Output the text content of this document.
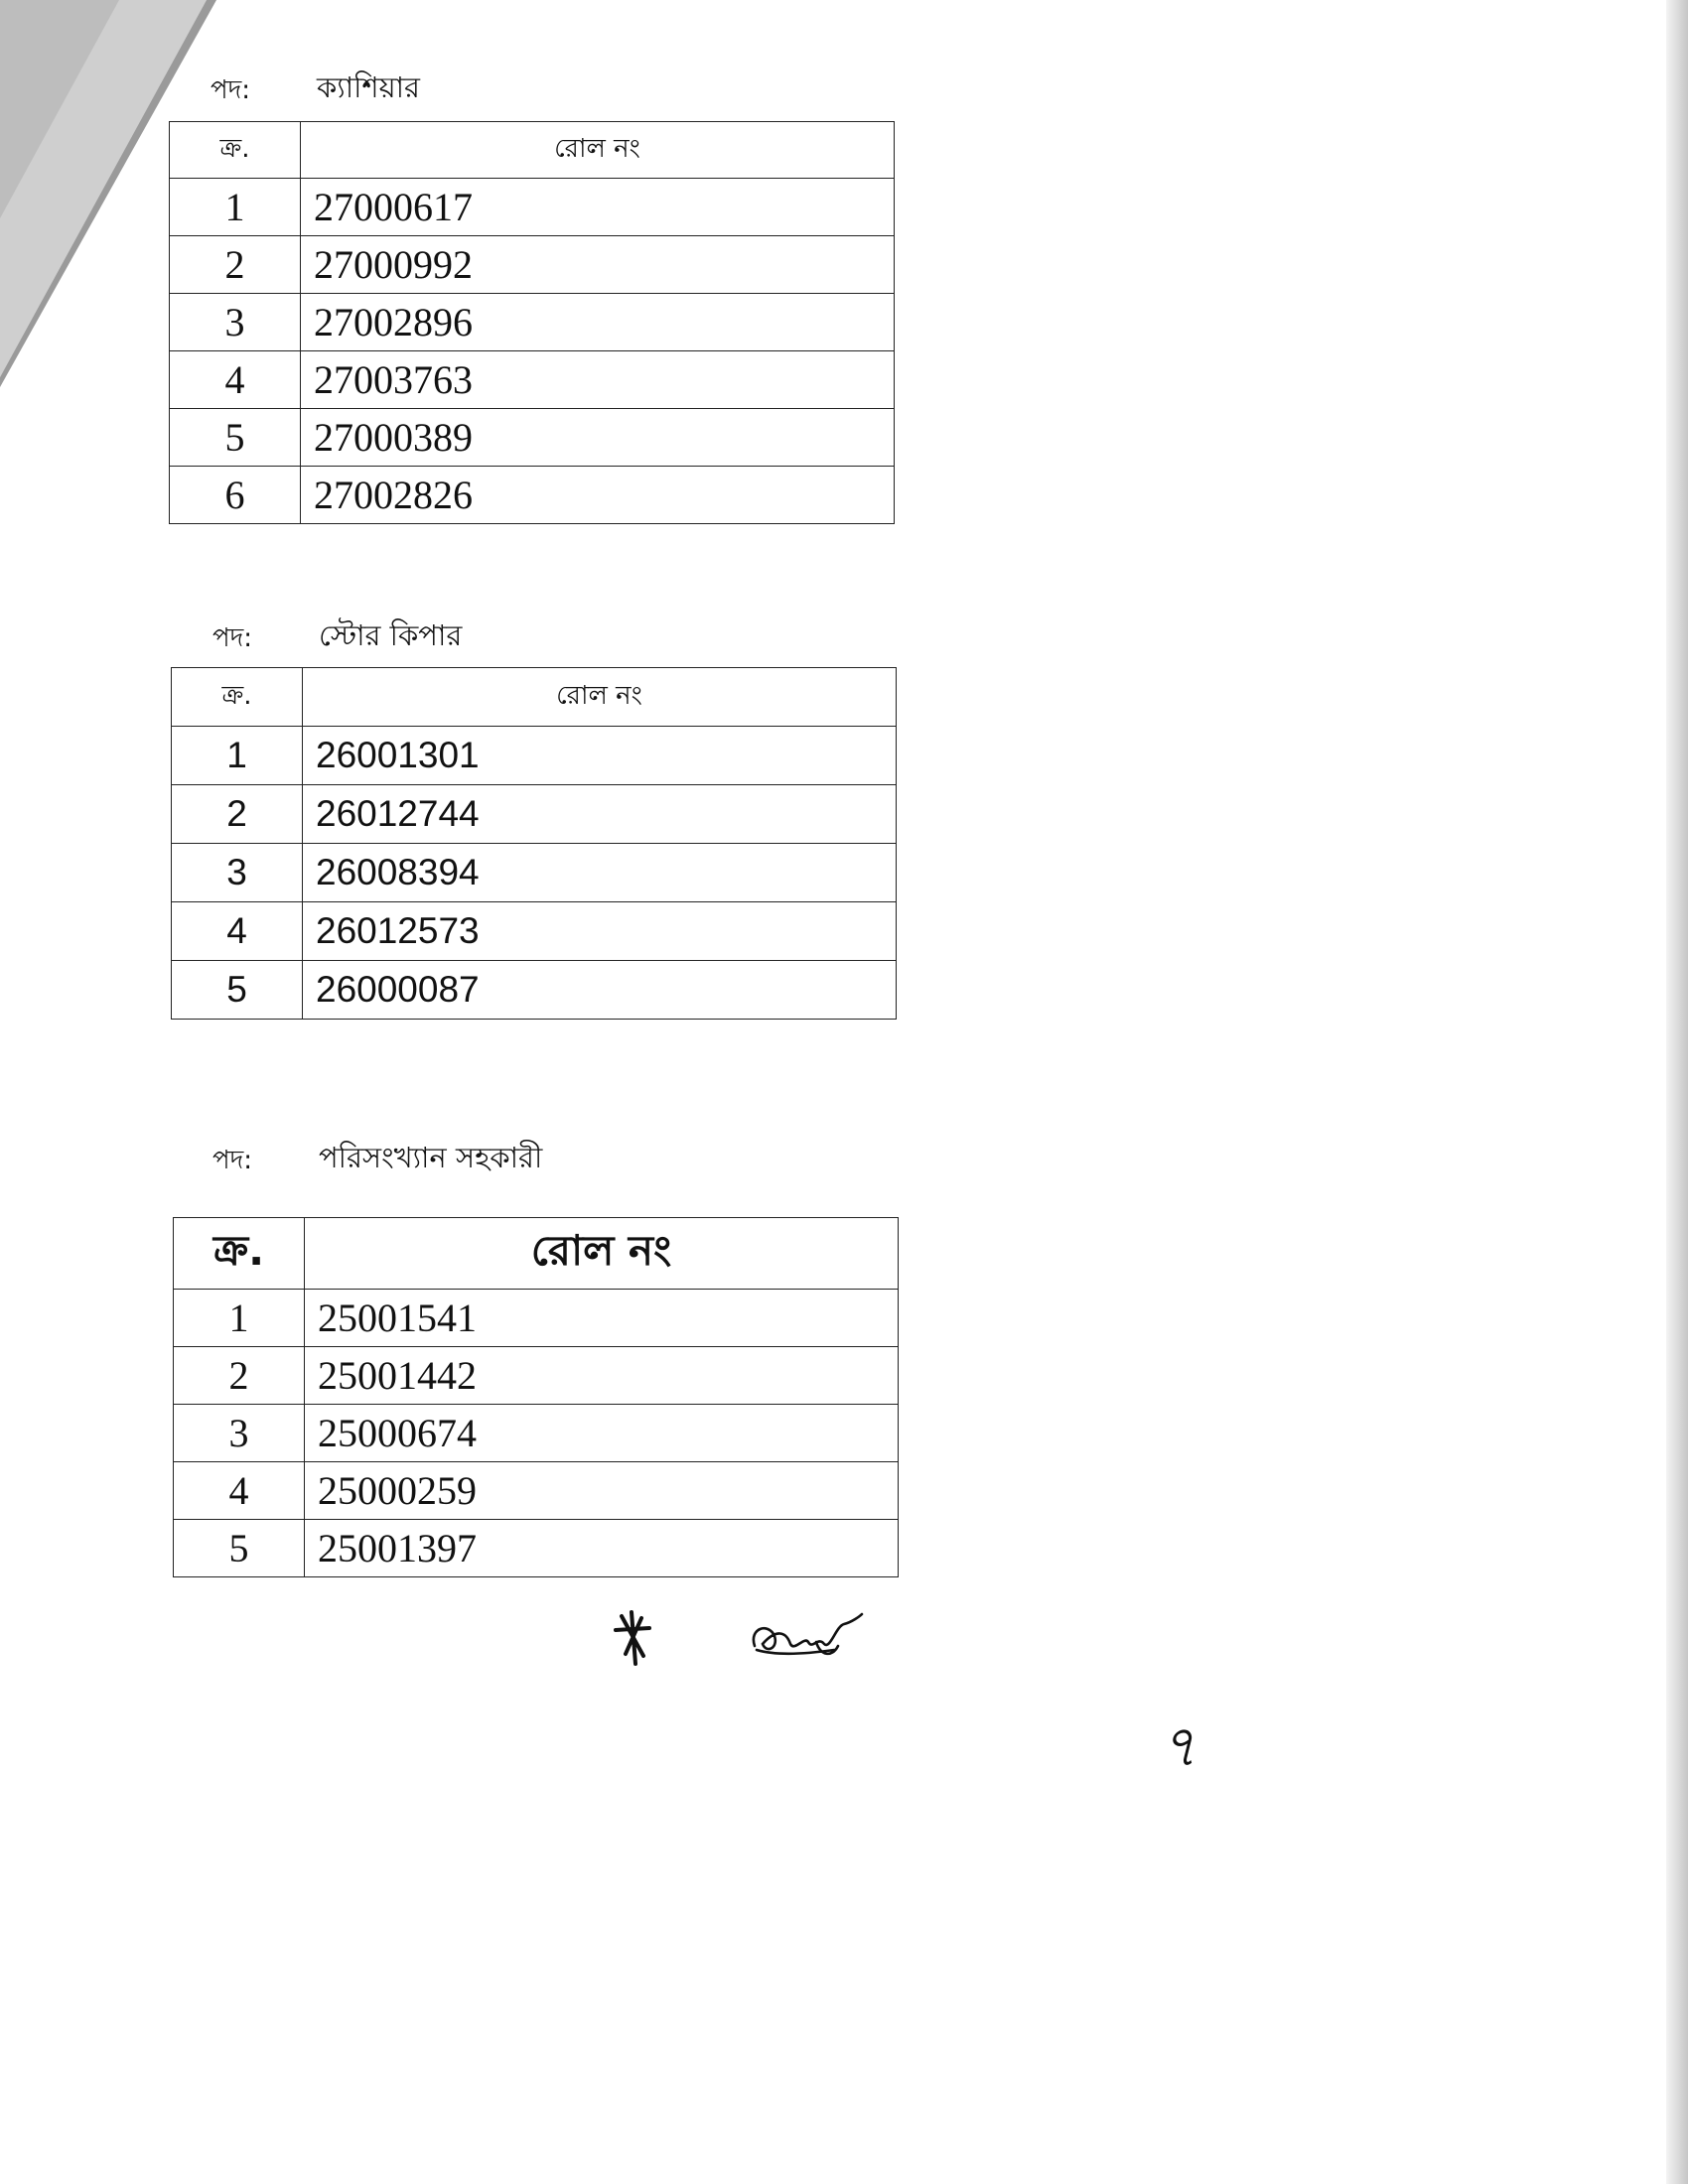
পদ: ক্যাশিয়ার
ক্র.	রোল নং
1	27000617
2	27000992
3	27002896
4	27003763
5	27000389
6	27002826
পদ: স্টোর কিপার
ক্র.	রোল নং
1	26001301
2	26012744
3	26008394
4	26012573
5	26000087
পদ: পরিসংখ্যান সহকারী
ক্র.	রোল নং
1	25001541
2	25001442
3	25000674
4	25000259
5	25001397
৭
